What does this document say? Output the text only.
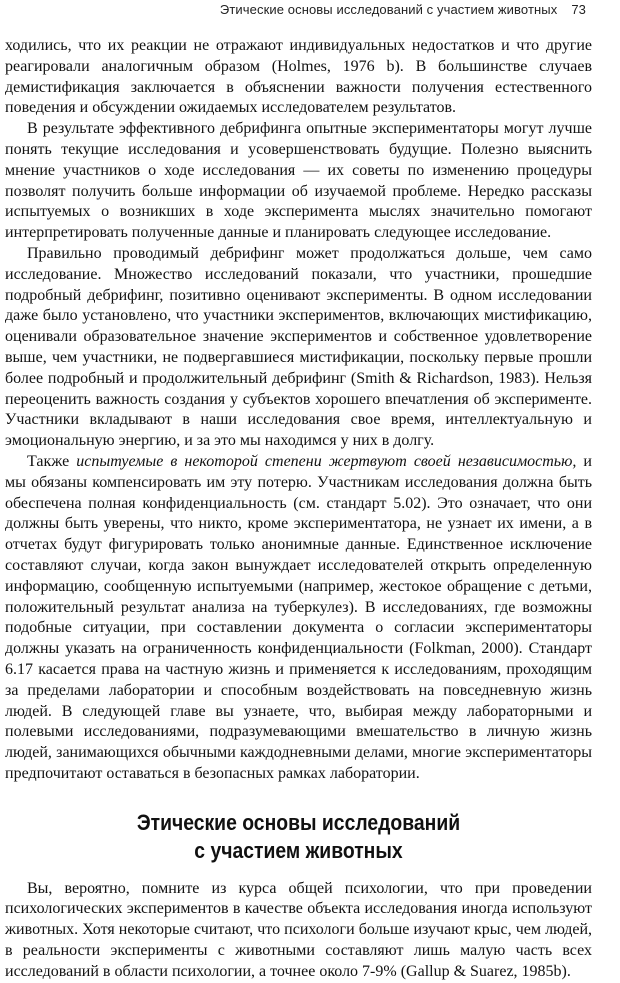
Этические основы исследований с участием животных 73

ходились, что их реакции не отражают индивидуальных недостатков и что другие реагировали аналогичным образом (Holmes, 1976 b). В большинстве случаев демистификация заключается в объяснении важности получения естественного поведения и обсуждении ожидаемых исследователем результатов.

В результате эффективного дебрифинга опытные экспериментаторы могут лучше понять текущие исследования и усовершенствовать будущие. Полезно выяснить мнение участников о ходе исследования — их советы по изменению процедуры позволят получить больше информации об изучаемой проблеме. Нередко рассказы испытуемых о возникших в ходе эксперимента мыслях значительно помогают интерпретировать полученные данные и планировать следующее исследование.

Правильно проводимый дебрифинг может продолжаться дольше, чем само исследование. Множество исследований показали, что участники, прошедшие подробный дебрифинг, позитивно оценивают эксперименты. В одном исследовании даже было установлено, что участники экспериментов, включающих мистификацию, оценивали образовательное значение экспериментов и собственное удовлетворение выше, чем участники, не подвергавшиеся мистификации, поскольку первые прошли более подробный и продолжительный дебрифинг (Smith & Richardson, 1983). Нельзя переоценить важность создания у субъектов хорошего впечатления об эксперименте. Участники вкладывают в наши исследования свое время, интеллектуальную и эмоциональную энергию, и за это мы находимся у них в долгу.

Также испытуемые в некоторой степени жертвуют своей независимостью, и мы обязаны компенсировать им эту потерю. Участникам исследования должна быть обеспечена полная конфиденциальность (см. стандарт 5.02). Это означает, что они должны быть уверены, что никто, кроме экспериментатора, не узнает их имени, а в отчетах будут фигурировать только анонимные данные. Единственное исключение составляют случаи, когда закон вынуждает исследователей открыть определенную информацию, сообщенную испытуемыми (например, жестокое обращение с детьми, положительный результат анализа на туберкулез). В исследованиях, где возможны подобные ситуации, при составлении документа о согласии экспериментаторы должны указать на ограниченность конфиденциальности (Folkman, 2000). Стандарт 6.17 касается права на частную жизнь и применяется к исследованиям, проходящим за пределами лаборатории и способным воздействовать на повседневную жизнь людей. В следующей главе вы узнаете, что, выбирая между лабораторными и полевыми исследованиями, подразумевающими вмешательство в личную жизнь людей, занимающихся обычными каждодневными делами, многие экспериментаторы предпочитают оставаться в безопасных рамках лаборатории.

Этические основы исследований
с участием животных

Вы, вероятно, помните из курса общей психологии, что при проведении психологических экспериментов в качестве объекта исследования иногда используют животных. Хотя некоторые считают, что психологи больше изучают крыс, чем людей, в реальности эксперименты с животными составляют лишь малую часть всех исследований в области психологии, а точнее около 7-9% (Gallup & Suarez, 1985b).
